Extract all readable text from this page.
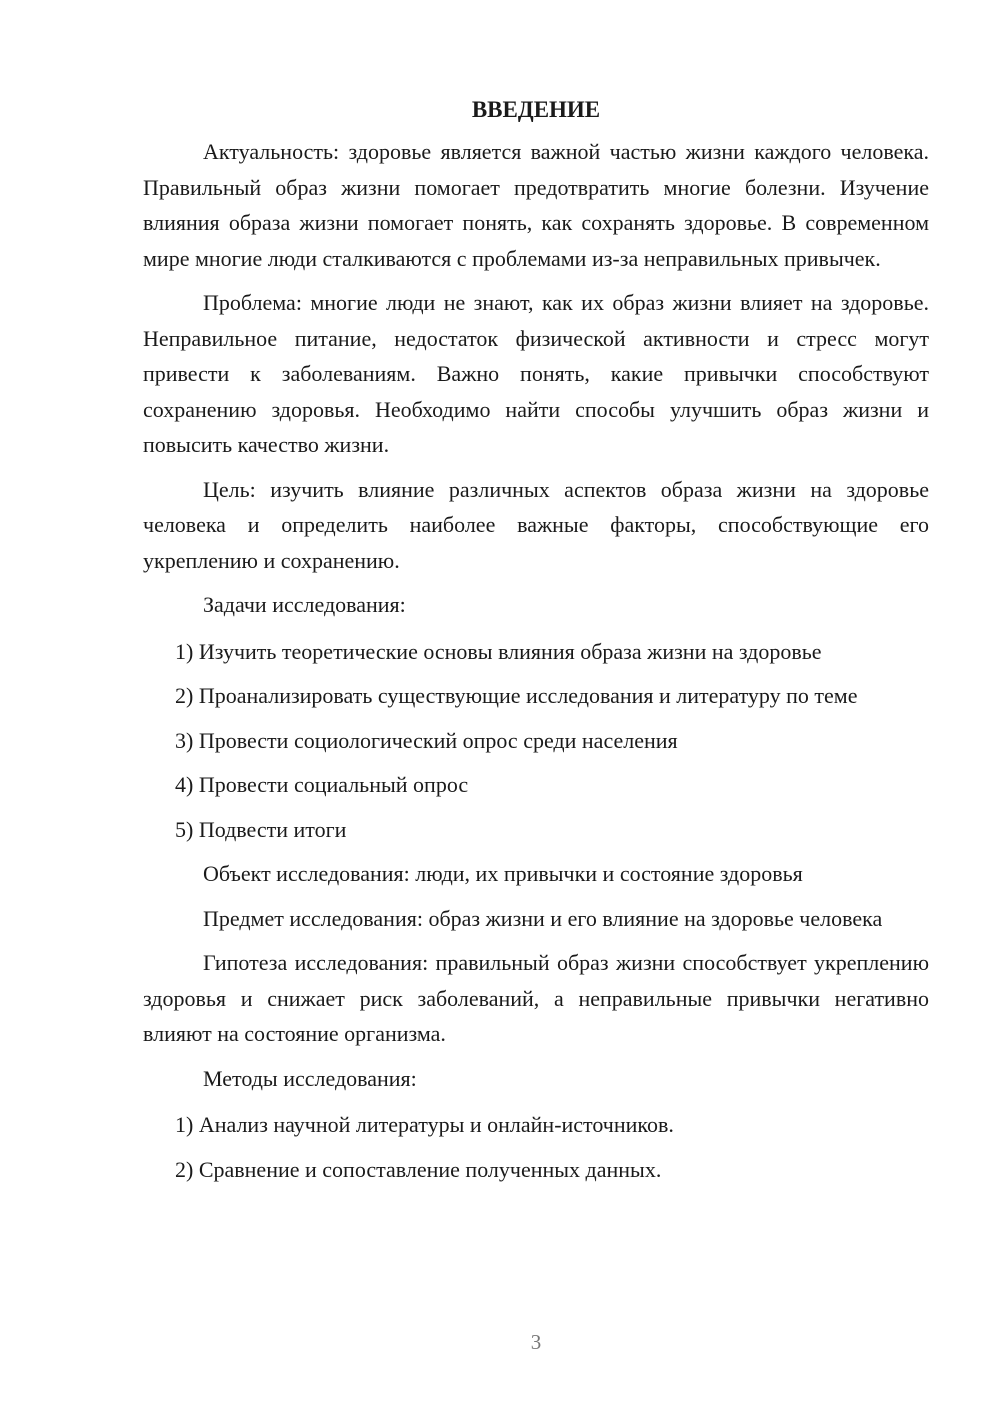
ВВЕДЕНИЕ

Актуальность: здоровье является важной частью жизни каждого человека. Правильный образ жизни помогает предотвратить многие болезни. Изучение влияния образа жизни помогает понять, как сохранять здоровье. В современном мире многие люди сталкиваются с проблемами из-за неправильных привычек.

Проблема: многие люди не знают, как их образ жизни влияет на здоровье. Неправильное питание, недостаток физической активности и стресс могут привести к заболеваниям. Важно понять, какие привычки способствуют сохранению здоровья. Необходимо найти способы улучшить образ жизни и повысить качество жизни.

Цель: изучить влияние различных аспектов образа жизни на здоровье человека и определить наиболее важные факторы, способствующие его укреплению и сохранению.

Задачи исследования:

1) Изучить теоретические основы влияния образа жизни на здоровье

2) Проанализировать существующие исследования и литературу по теме

3) Провести социологический опрос среди населения

4) Провести социальный опрос

5) Подвести итоги

Объект исследования: люди, их привычки и состояние здоровья

Предмет исследования: образ жизни и его влияние на здоровье человека

Гипотеза исследования: правильный образ жизни способствует укреплению здоровья и снижает риск заболеваний, а неправильные привычки негативно влияют на состояние организма.

Методы исследования:

1) Анализ научной литературы и онлайн-источников.

2) Сравнение и сопоставление полученных данных.

3
